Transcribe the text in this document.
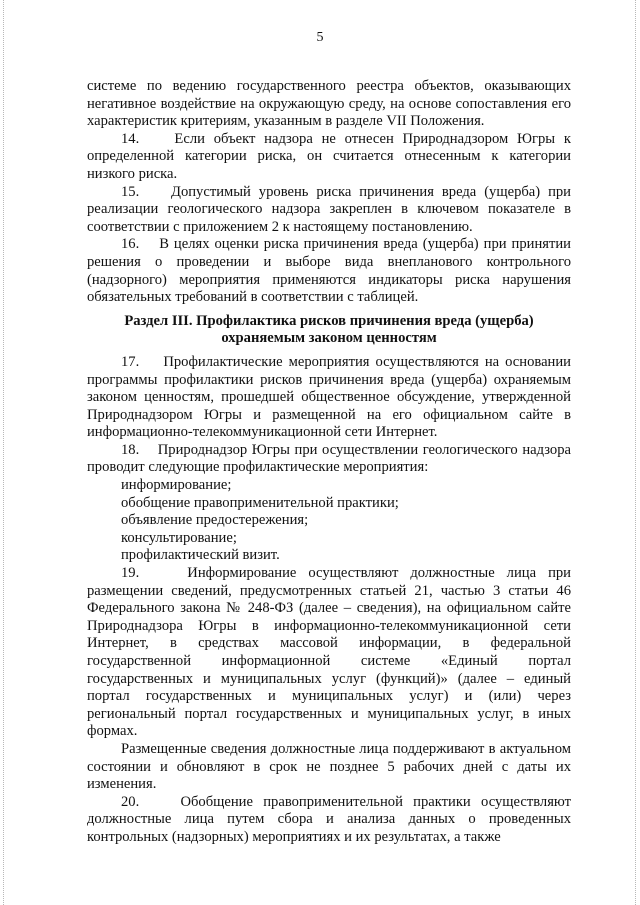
5

системе по ведению государственного реестра объектов, оказывающих негативное воздействие на окружающую среду, на основе сопоставления его характеристик критериям, указанным в разделе VII Положения.

14.    Если объект надзора не отнесен Природнадзором Югры к определенной категории риска, он считается отнесенным к категории низкого риска.

15.    Допустимый уровень риска причинения вреда (ущерба) при реализации геологического надзора закреплен в ключевом показателе в соответствии с приложением 2 к настоящему постановлению.

16.    В целях оценки риска причинения вреда (ущерба) при принятии решения о проведении и выборе вида внепланового контрольного (надзорного) мероприятия применяются индикаторы риска нарушения обязательных требований в соответствии с таблицей.

Раздел III. Профилактика рисков причинения вреда (ущерба)
охраняемым законом ценностям

17.    Профилактические мероприятия осуществляются на основании программы профилактики рисков причинения вреда (ущерба) охраняемым законом ценностям, прошедшей общественное обсуждение, утвержденной Природнадзором Югры и размещенной на его официальном сайте в информационно-телекоммуникационной сети Интернет.

18.    Природнадзор Югры при осуществлении геологического надзора проводит следующие профилактические мероприятия:

информирование;

обобщение правоприменительной практики;

объявление предостережения;

консультирование;

профилактический визит.

19.    Информирование осуществляют должностные лица при размещении сведений, предусмотренных статьей 21, частью 3 статьи 46 Федерального закона № 248-ФЗ (далее – сведения), на официальном сайте Природнадзора Югры в информационно-телекоммуникационной сети Интернет, в средствах массовой информации, в федеральной государственной информационной системе «Единый портал государственных и муниципальных услуг (функций)» (далее – единый портал государственных и муниципальных услуг) и (или) через региональный портал государственных и муниципальных услуг, в иных формах.

Размещенные сведения должностные лица поддерживают в актуальном состоянии и обновляют в срок не позднее 5 рабочих дней с даты их изменения.

20.    Обобщение правоприменительной практики осуществляют должностные лица путем сбора и анализа данных о проведенных контрольных (надзорных) мероприятиях и их результатах, а также
